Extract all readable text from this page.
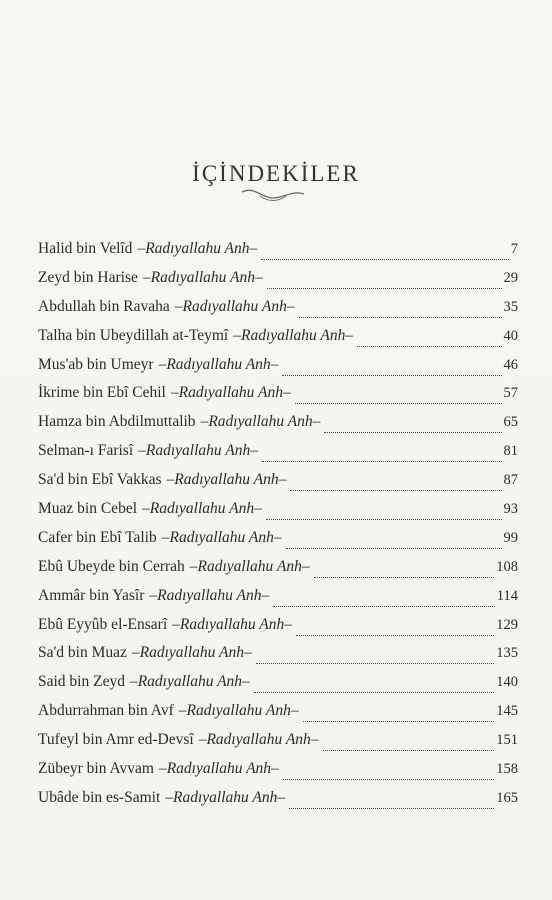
İÇİNDEKİLER
Halid bin Velîd –Radıyallahu Anh–	7
Zeyd bin Harise –Radıyallahu Anh–	29
Abdullah bin Ravaha –Radıyallahu Anh–	35
Talha bin Ubeydillah at-Teymî –Radıyallahu Anh–	40
Mus'ab bin Umeyr –Radıyallahu Anh–	46
İkrime bin Ebî Cehil –Radıyallahu Anh–	57
Hamza bin Abdilmuttalib –Radıyallahu Anh–	65
Selman-ı Farisî –Radıyallahu Anh–	81
Sa'd bin Ebî Vakkas –Radıyallahu Anh–	87
Muaz bin Cebel –Radıyallahu Anh–	93
Cafer bin Ebî Talib –Radıyallahu Anh–	99
Ebû Ubeyde bin Cerrah –Radıyallahu Anh–	108
Ammâr bin Yasîr –Radıyallahu Anh–	114
Ebû Eyyûb el-Ensarî –Radıyallahu Anh–	129
Sa'd bin Muaz –Radıyallahu Anh–	135
Said bin Zeyd –Radıyallahu Anh–	140
Abdurrahman bin Avf –Radıyallahu Anh–	145
Tufeyl bin Amr ed-Devsî –Radıyallahu Anh–	151
Zübeyr bin Avvam –Radıyallahu Anh–	158
Ubâde bin es-Samit –Radıyallahu Anh–	165
